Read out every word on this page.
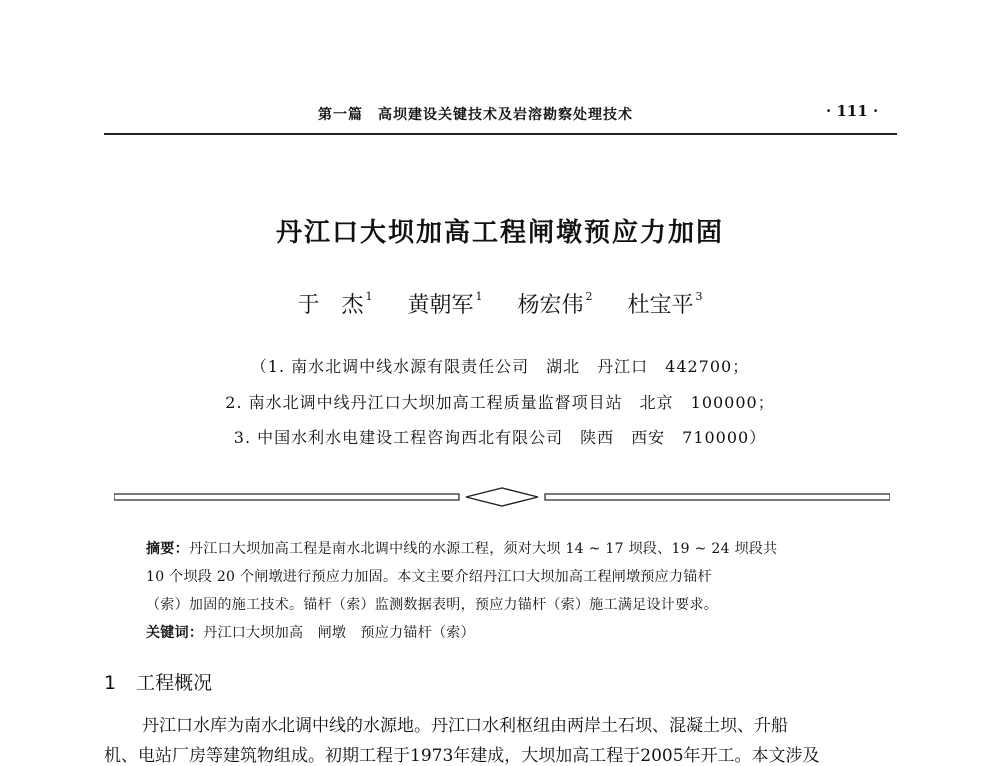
第一篇　高坝建设关键技术及岩溶勘察处理技术	· 111 ·
丹江口大坝加高工程闸墩预应力加固
于　杰 $^1$ 黄朝军 $^1$ 杨宏伟 $^2$ 杜宝平 $^3$
（1. 南水北调中线水源有限责任公司　湖北　丹江口　442700；
2. 南水北调中线丹江口大坝加高工程质量监督项目站　北京　100000；
3. 中国水利水电建设工程咨询西北有限公司　陕西　西安　710000）
摘要：丹江口大坝加高工程是南水北调中线的水源工程，须对大坝 14 ~ 17 坝段、19 ~ 24 坝段共
10 个坝段 20 个闸墩进行预应力加固。本文主要介绍丹江口大坝加高工程闸墩预应力锚杆
（索）加固的施工技术。锚杆（索）监测数据表明，预应力锚杆（索）施工满足设计要求。
关键词：丹江口大坝加高　闸墩　预应力锚杆（索）
1 工程概况
丹江口水库为南水北调中线的水源地。丹江口水利枢纽由两岸土石坝、混凝土坝、升船
机、电站厂房等建筑物组成。初期工程于1973年建成，大坝加高工程于2005年开工。本文涉及
